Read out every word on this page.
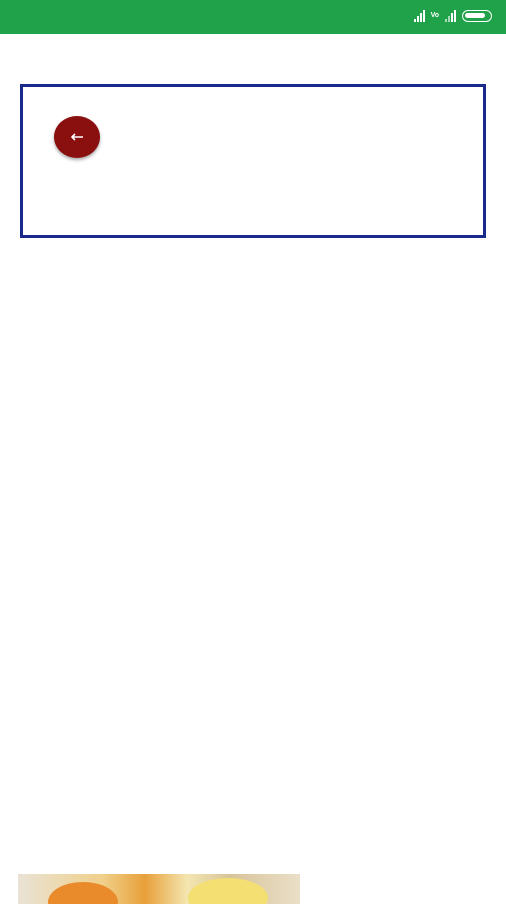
Vo
